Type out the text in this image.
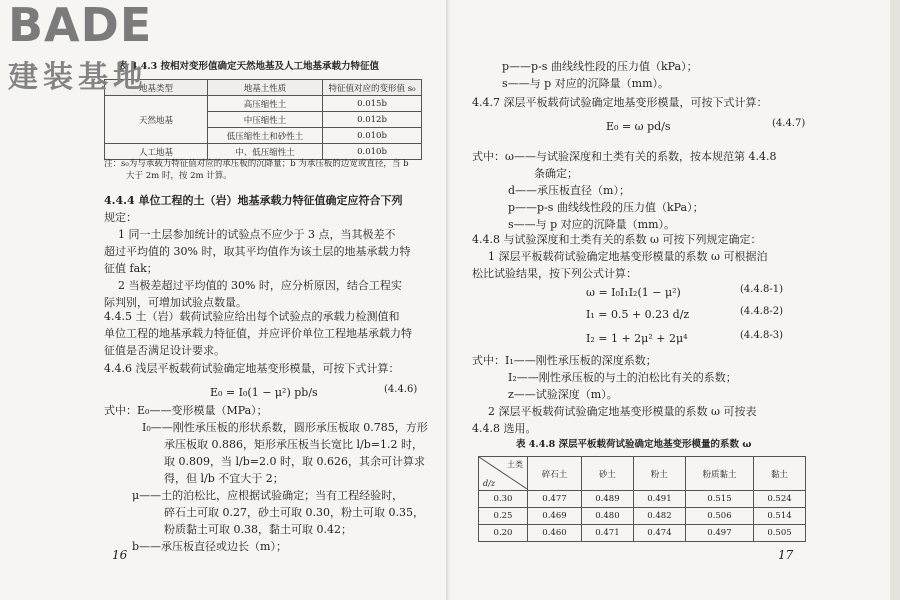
表 4.4.3 按相对变形值确定天然地基及人工地基承载力特征值
地基类型	地基土性质	特征值对应的变形值 s₀
天然地基	高压缩性土	0.015b
	中压缩性土	0.012b
	低压缩性土和砂性土	0.010b
人工地基	中、低压缩性土	0.010b
注：s₀为与承载力特征值对应的承压板的沉降量；b 为承压板的边宽或直径，当 b
大于 2m 时，按 2m 计算。
4.4.4 单位工程的土（岩）地基承载力特征值确定应符合下列
规定：
1 同一土层参加统计的试验点不应少于 3 点，当其极差不
超过平均值的 30% 时，取其平均值作为该土层的地基承载力特
征值 fak；
2 当极差超过平均值的 30% 时，应分析原因，结合工程实
际判别，可增加试验点数量。
4.4.5 土（岩）载荷试验应给出每个试验点的承载力检测值和
单位工程的地基承载力特征值，并应评价单位工程地基承载力特
征值是否满足设计要求。
4.4.6 浅层平板载荷试验确定地基变形模量，可按下式计算：
E₀ = I₀(1 − μ²) pb/s	(4.4.6)
式中：E₀——变形模量（MPa）；
I₀——刚性承压板的形状系数，圆形承压板取 0.785，方形
承压板取 0.886，矩形承压板当长宽比 l/b=1.2 时，
取 0.809，当 l/b=2.0 时，取 0.626，其余可计算求
得，但 l/b 不宜大于 2；
μ——土的泊松比，应根据试验确定；当有工程经验时，
碎石土可取 0.27，砂土可取 0.30，粉土可取 0.35，
粉质黏土可取 0.38，黏土可取 0.42；
b——承压板直径或边长（m）；
16
p——p-s 曲线线性段的压力值（kPa）；
s——与 p 对应的沉降量（mm）。
4.4.7 深层平板载荷试验确定地基变形模量，可按下式计算：
E₀ = ω pd/s	(4.4.7)
式中：ω——与试验深度和土类有关的系数，按本规范第 4.4.8
条确定；
d——承压板直径（m）；
p——p-s 曲线线性段的压力值（kPa）；
s——与 p 对应的沉降量（mm）。
4.4.8 与试验深度和土类有关的系数 ω 可按下列规定确定：
1 深层平板载荷试验确定地基变形模量的系数 ω 可根据泊
松比试验结果，按下列公式计算：
ω = I₀I₁I₂(1 − μ²)	(4.4.8-1)
I₁ = 0.5 + 0.23 d/z	(4.4.8-2)
I₂ = 1 + 2μ² + 2μ⁴	(4.4.8-3)
式中：I₁——刚性承压板的深度系数；
I₂——刚性承压板的与土的泊松比有关的系数；
z——试验深度（m）。
2 深层平板载荷试验确定地基变形模量的系数 ω 可按表
4.4.8 选用。
表 4.4.8 深层平板载荷试验确定地基变形模量的系数 ω
土类
d/z	碎石土	砂土	粉土	粉质黏土	黏土
0.30	0.477	0.489	0.491	0.515	0.524
0.25	0.469	0.480	0.482	0.506	0.514
0.20	0.460	0.471	0.474	0.497	0.505
17
BADE
建装基地
